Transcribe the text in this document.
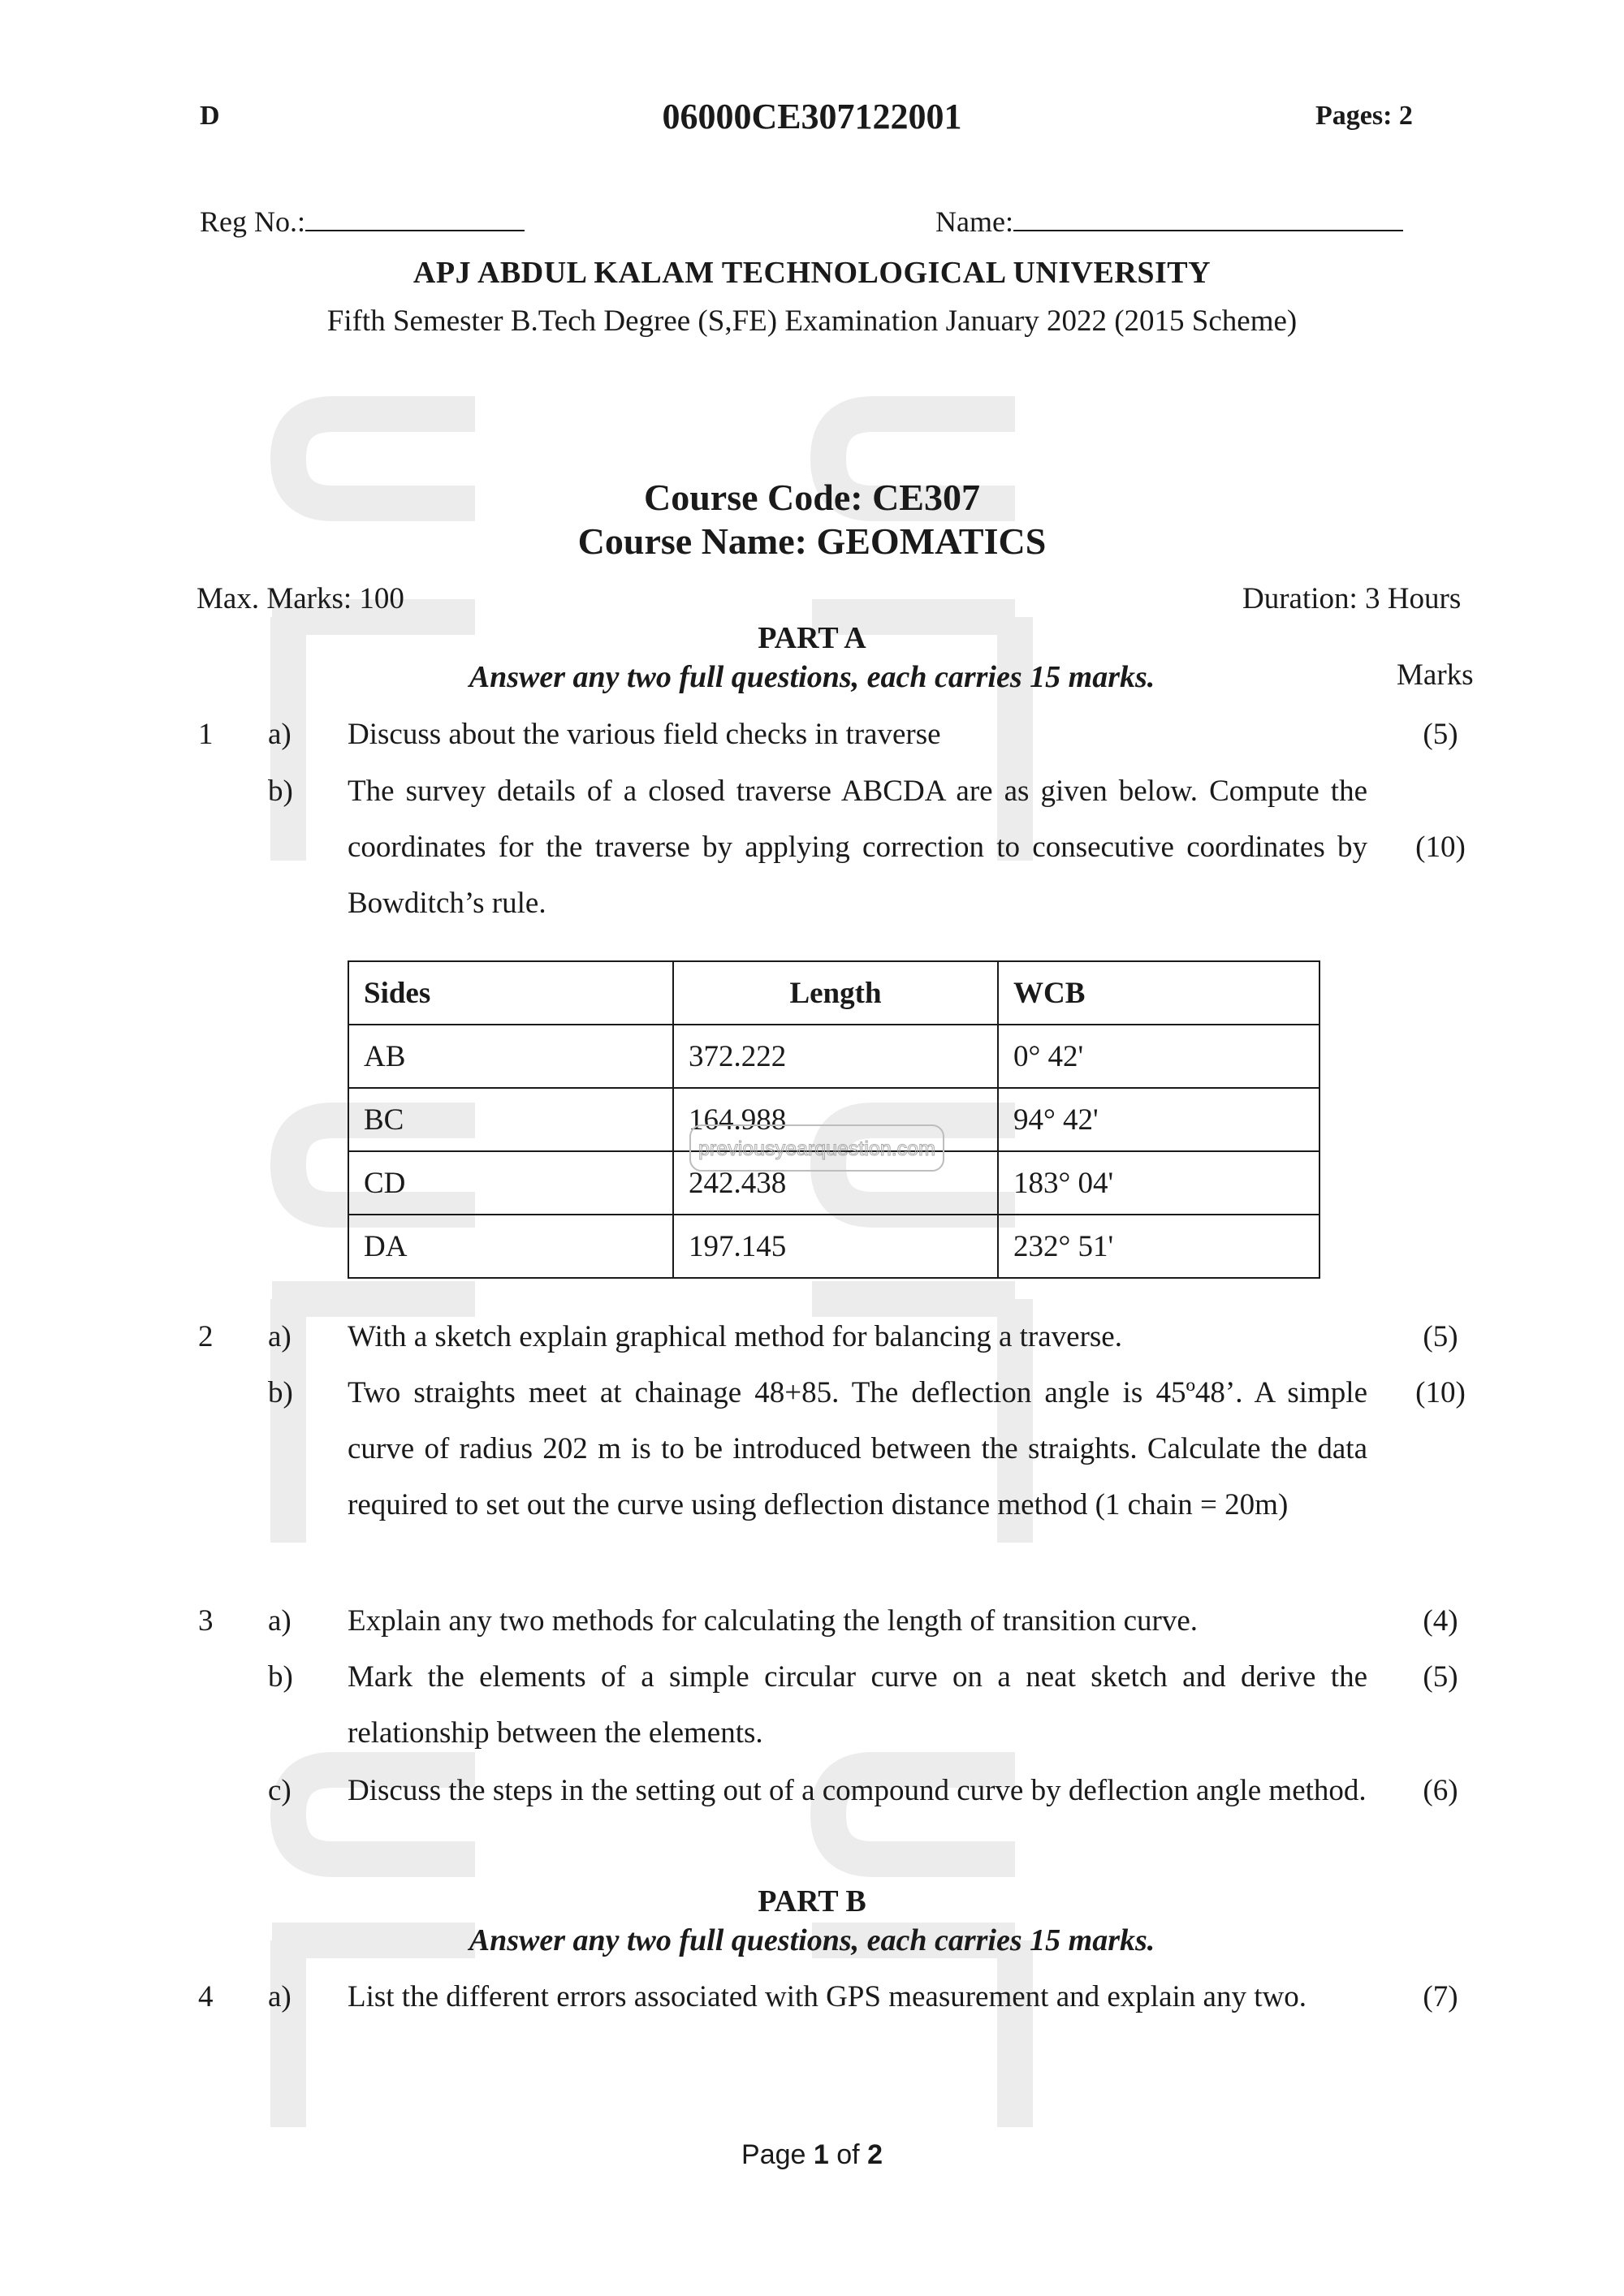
D	06000CE307122001	Pages: 2
Reg No.:	Name:
APJ ABDUL KALAM TECHNOLOGICAL UNIVERSITY
Fifth Semester B.Tech Degree (S,FE) Examination January 2022 (2015 Scheme)
Course Code: CE307
Course Name: GEOMATICS
Max. Marks: 100	Duration: 3 Hours
PART A
Answer any two full questions, each carries 15 marks.	Marks
1	a)	Discuss about the various field checks in traverse	(5)
b)	The survey details of a closed traverse ABCDA are as given below. Compute the coordinates for the traverse by applying correction to consecutive coordinates by Bowditch’s rule.
(10)
Sides	Length	WCB
AB	372.222	0° 42'
BC	164.988	94° 42'
CD	242.438	183° 04'
DA	197.145	232° 51'
previousyearquestion.com
2	a)	With a sketch explain graphical method for balancing a traverse.	(5)
b)	Two straights meet at chainage 48+85. The deflection angle is 45º48’. A simple curve of radius 202 m is to be introduced between the straights. Calculate the data required to set out the curve using deflection distance method (1 chain = 20m)
(10)
3	a)	Explain any two methods for calculating the length of transition curve.	(4)
b)	Mark the elements of a simple circular curve on a neat sketch and derive the relationship between the elements.
(5)
c)	Discuss the steps in the setting out of a compound curve by deflection angle method.	(6)
PART B
Answer any two full questions, each carries 15 marks.
4	a)	List the different errors associated with GPS measurement and explain any two.	(7)
Page 1 of 2
